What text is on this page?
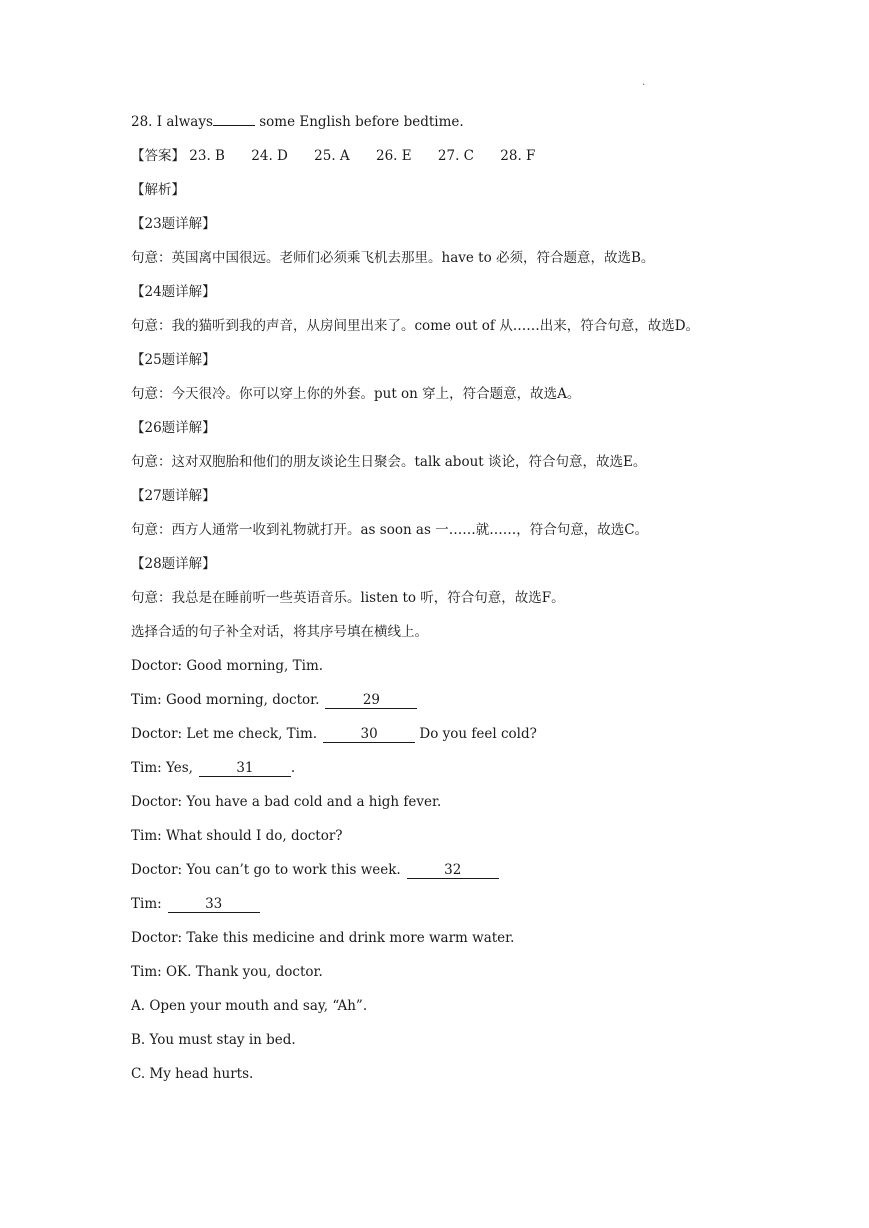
·
28. I always	some English before bedtime.
【答案】 23. B 24. D 25. A 26. E 27. C 28. F
【解析】
【23题详解】
句意：英国离中国很远。老师们必须乘飞机去那里。have to 必须，符合题意，故选B。
【24题详解】
句意：我的猫听到我的声音，从房间里出来了。come out of 从……出来，符合句意，故选D。
【25题详解】
句意：今天很冷。你可以穿上你的外套。put on 穿上，符合题意，故选A。
【26题详解】
句意：这对双胞胎和他们的朋友谈论生日聚会。talk about 谈论，符合句意，故选E。
【27题详解】
句意：西方人通常一收到礼物就打开。as soon as 一……就……，符合句意，故选C。
【28题详解】
句意：我总是在睡前听一些英语音乐。listen to 听，符合句意，故选F。
选择合适的句子补全对话，将其序号填在横线上。
Doctor: Good morning, Tim.
Tim: Good morning, doctor.	29
Doctor: Let me check, Tim.	30	Do you feel cold?
Tim: Yes,	31	.
Doctor: You have a bad cold and a high fever.
Tim: What should I do, doctor?
Doctor: You can’t go to work this week.	32
Tim:	33
Doctor: Take this medicine and drink more warm water.
Tim: OK. Thank you, doctor.
A. Open your mouth and say, “Ah”.
B. You must stay in bed.
C. My head hurts.
